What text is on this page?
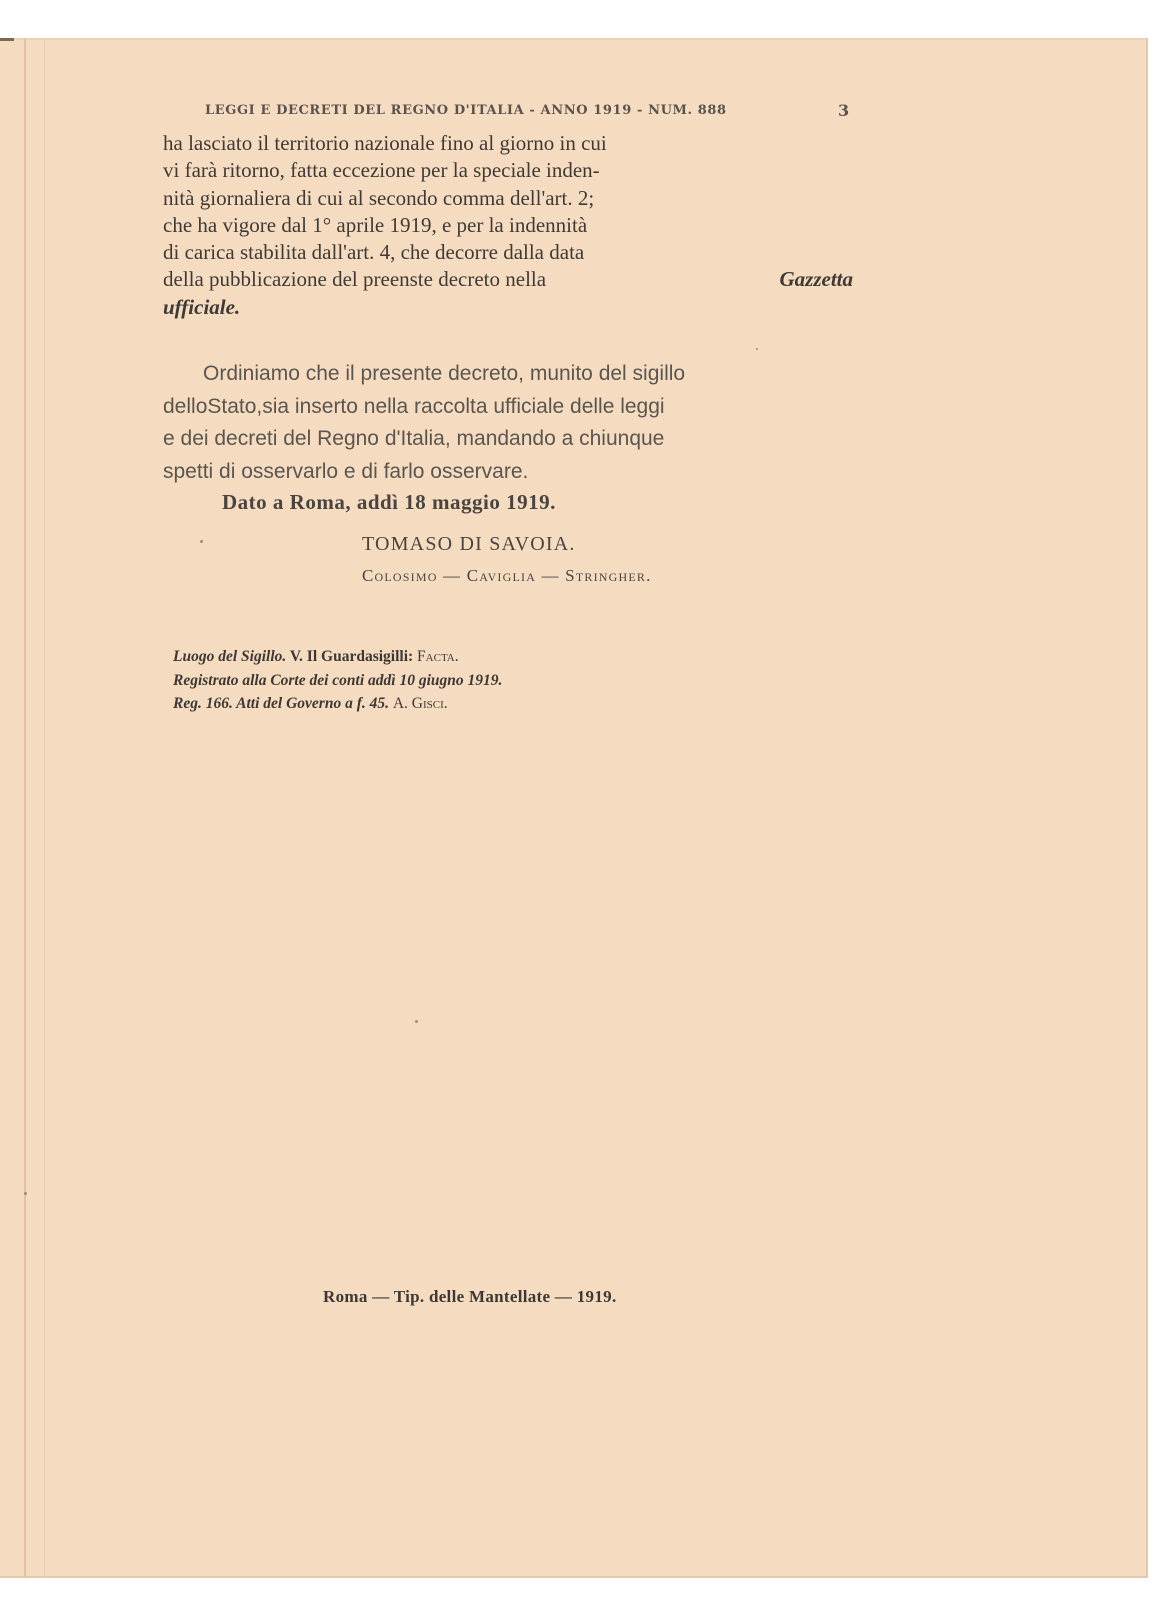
LEGGI E DECRETI DEL REGNO D'ITALIA - ANNO 1919 - NUM. 888	3
ha lasciato il territorio nazionale fino al giorno in cui
vi farà ritorno, fatta eccezione per la speciale inden-
nità giornaliera di cui al secondo comma dell'art. 2;
che ha vigore dal 1° aprile 1919, e per la indennità
di carica stabilita dall'art. 4, che decorre dalla data
della pubblicazione del preenste decreto nella	Gazzetta
ufficiale.
Ordiniamo che il presente decreto, munito del sigillo
delloStato,sia inserto nella raccolta ufficiale delle leggi
e dei decreti del Regno d'Italia, mandando a chiunque
spetti di osservarlo e di farlo osservare.
Dato a Roma, addì 18 maggio 1919.
TOMASO DI SAVOIA.
Colosimo — Caviglia — Stringher.
Luogo del Sigillo. V. Il Guardasigilli: Facta.
Registrato alla Corte dei conti addì 10 giugno 1919.
Reg. 166. Atti del Governo a f. 45. A. Gisci.
Roma — Tip. delle Mantellate — 1919.
